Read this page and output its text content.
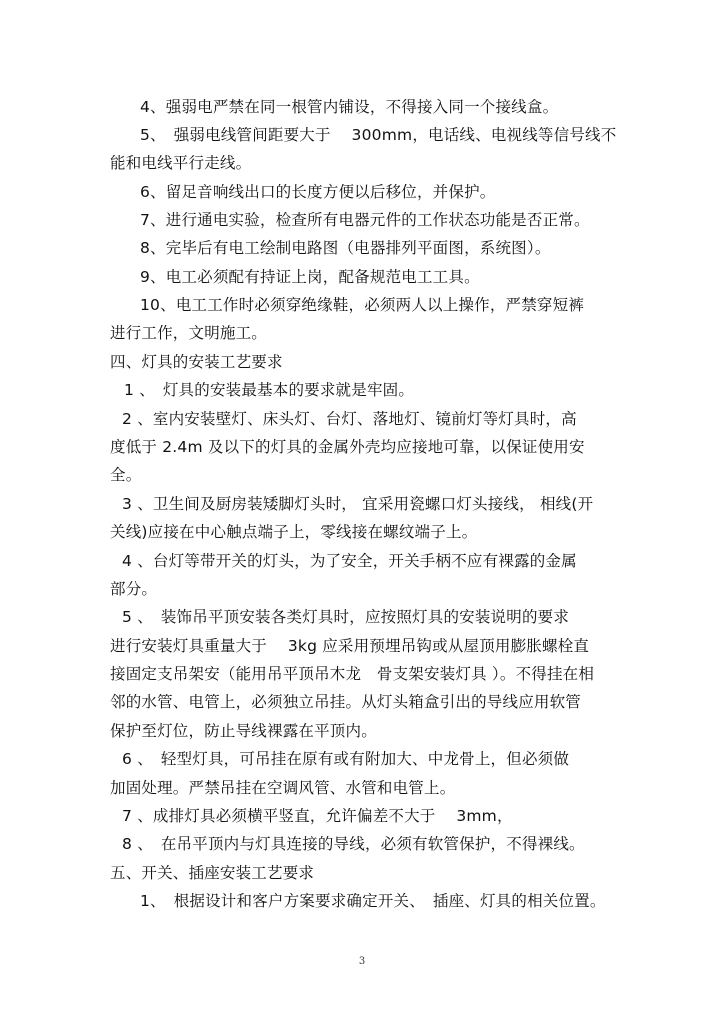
4、强弱电严禁在同一根管内铺设，不得接入同一个接线盒。
5、　强弱电线管间距要大于　 300mm，电话线、电视线等信号线不
能和电线平行走线。
6、留足音响线出口的长度方便以后移位，并保护。
7、进行通电实验，检查所有电器元件的工作状态功能是否正常。
8、完毕后有电工绘制电路图（电器排列平面图，系统图）。
9、电工必须配有持证上岗，配备规范电工工具。
10、电工工作时必须穿绝缘鞋，必须两人以上操作，严禁穿短裤
进行工作，文明施工。
四、灯具的安装工艺要求
1 、　灯具的安装最基本的要求就是牢固。
2 、室内安装壁灯、床头灯、台灯、落地灯、镜前灯等灯具时，高
度低于 2.4m 及以下的灯具的金属外壳均应接地可靠，以保证使用安
全。
3 、卫生间及厨房装矮脚灯头时， 宜采用瓷螺口灯头接线， 相线(开
关线)应接在中心触点端子上，零线接在螺纹端子上。
4 、台灯等带开关的灯头，为了安全，开关手柄不应有裸露的金属
部分。
5 、　装饰吊平顶安装各类灯具时，应按照灯具的安装说明的要求
进行安装灯具重量大于　 3kg 应采用预埋吊钩或从屋顶用膨胀螺栓直
接固定支吊架安（能用吊平顶吊木龙　骨支架安装灯具 ）。不得挂在相
邻的水管、电管上，必须独立吊挂。从灯头箱盒引出的导线应用软管
保护至灯位，防止导线裸露在平顶内。
6 、　轻型灯具，可吊挂在原有或有附加大、中龙骨上，但必须做
加固处理。严禁吊挂在空调风管、水管和电管上。
7 、成排灯具必须横平竖直，允许偏差不大于　 3mm，
8 、　在吊平顶内与灯具连接的导线，必须有软管保护，不得裸线。
五、开关、插座安装工艺要求
1、　根据设计和客户方案要求确定开关、　插座、灯具的相关位置。
3
